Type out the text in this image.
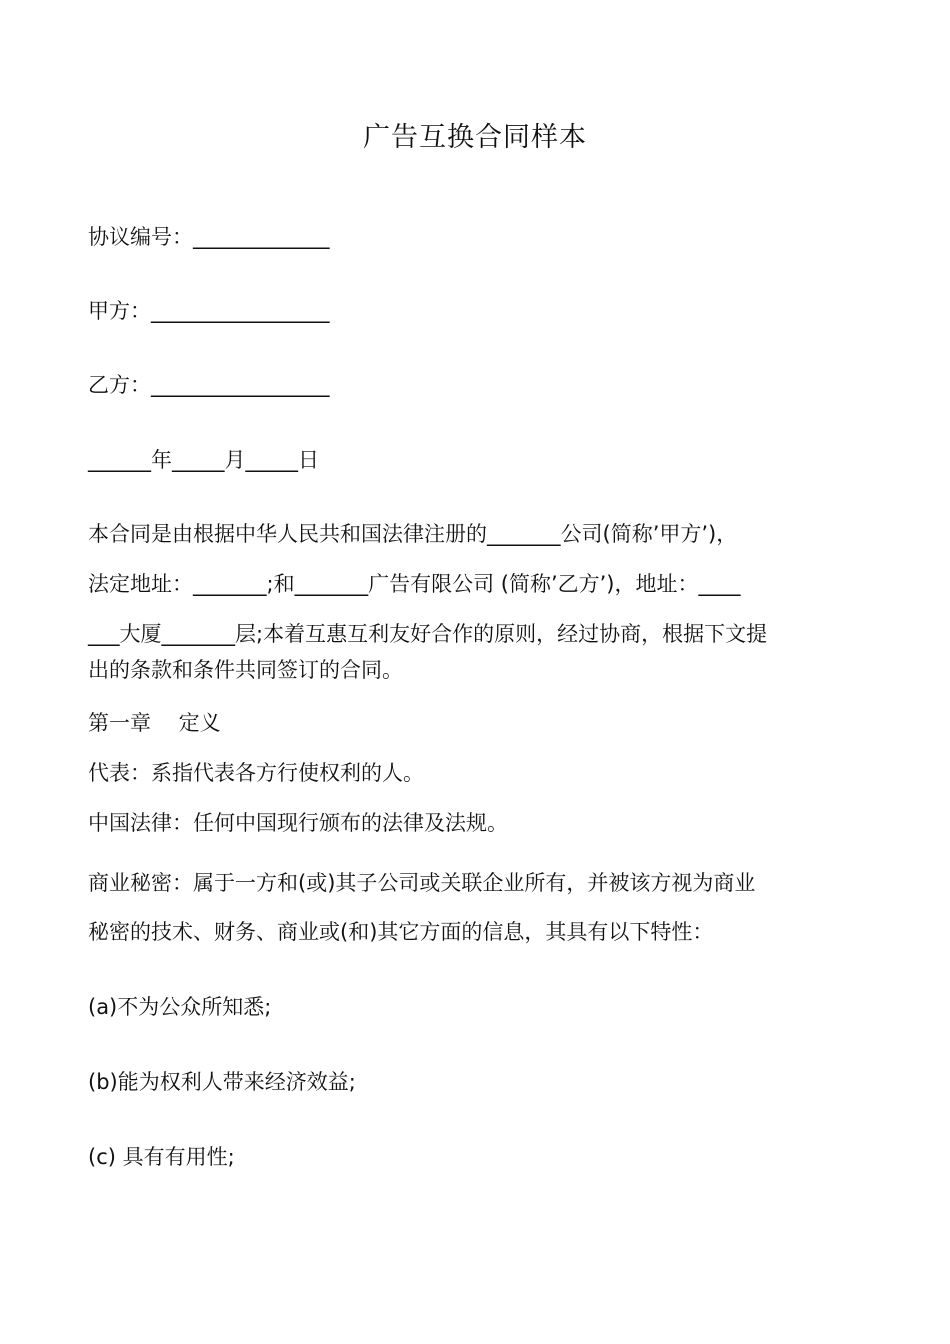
广告互换合同样本
协议编号：_____________
甲方：_________________
乙方：_________________
______年_____月_____日
本合同是由根据中华人民共和国法律注册的_______公司(简称’甲方’)，
法定地址：_______;和_______广告有限公司 (简称’乙方’)，地址：____
___大厦_______层;本着互惠互利友好合作的原则，经过协商，根据下文提
出的条款和条件共同签订的合同。
第一章　 定义
代表：系指代表各方行使权利的人。
中国法律：任何中国现行颁布的法律及法规。
商业秘密：属于一方和(或)其子公司或关联企业所有，并被该方视为商业
秘密的技术、财务、商业或(和)其它方面的信息，其具有以下特性：
(a)不为公众所知悉;
(b)能为权利人带来经济效益;
(c) 具有有用性;
